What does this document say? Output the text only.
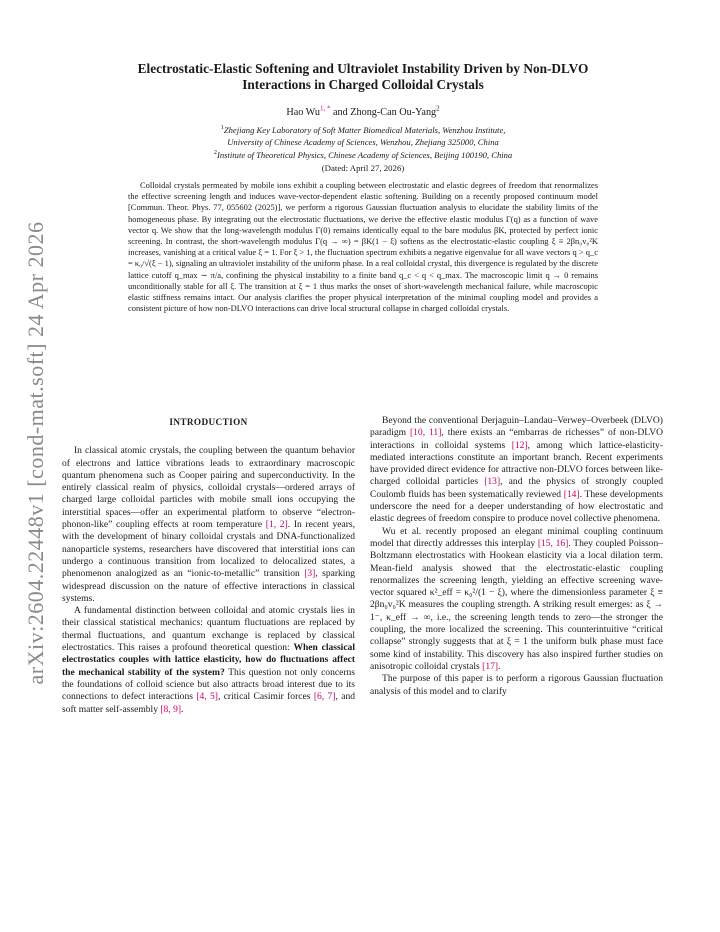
arXiv:2604.22448v1 [cond-mat.soft] 24 Apr 2026
Electrostatic-Elastic Softening and Ultraviolet Instability Driven by Non-DLVO
Interactions in Charged Colloidal Crystals
Hao $Wu^{1, *}$ and Zhong-Can Ou-Yang$^2$
$^1$Zhejiang Key Laboratory of Soft Matter Biomedical Materials, Wenzhou Institute,
University of Chinese Academy of Sciences, Wenzhou, Zhejiang 325000, China
$^2$Institute of Theoretical Physics, Chinese Academy of Sciences, Beijing 100190, China
(Dated: April 27, 2026)
Colloidal crystals permeated by mobile ions exhibit a coupling between electrostatic and elastic degrees of freedom that renormalizes the effective screening length and induces wave-vector-dependent elastic softening. Building on a recently proposed continuum model [Commun. Theor. Phys. 77, 055602 (2025)], we perform a rigorous Gaussian fluctuation analysis to elucidate the stability limits of the homogeneous phase. By integrating out the electrostatic fluctuations, we derive the effective elastic modulus Γ(q) as a function of wave vector q. We show that the long-wavelength modulus Γ(0) remains identically equal to the bare modulus βK, protected by perfect ionic screening. In contrast, the short-wavelength modulus Γ(q → ∞) = βK(1 − ξ) softens as the electrostatic-elastic coupling ξ ≡ 2βn₀v₀²K increases, vanishing at a critical value ξ = 1. For ξ > 1, the fluctuation spectrum exhibits a negative eigenvalue for all wave vectors q > q_c = κ₀/√(ξ − 1), signaling an ultraviolet instability of the uniform phase. In a real colloidal crystal, this divergence is regulated by the discrete lattice cutoff q_max ∼ π/a, confining the physical instability to a finite band q_c < q < q_max. The macroscopic limit q → 0 remains unconditionally stable for all ξ. The transition at ξ = 1 thus marks the onset of short-wavelength mechanical failure, while macroscopic elastic stiffness remains intact. Our analysis clarifies the proper physical interpretation of the minimal coupling model and provides a consistent picture of how non-DLVO interactions can drive local structural collapse in charged colloidal crystals.
INTRODUCTION

In classical atomic crystals, the coupling between the quantum behavior of electrons and lattice vibrations leads to extraordinary macroscopic quantum phenomena such as Cooper pairing and superconductivity. In the entirely classical realm of physics, colloidal crystals—ordered arrays of charged large colloidal particles with mobile small ions occupying the interstitial spaces—offer an experimental platform to observe “electron-phonon-like” coupling effects at room temperature [1, 2]. In recent years, with the development of binary colloidal crystals and DNA-functionalized nanoparticle systems, researchers have discovered that interstitial ions can undergo a continuous transition from localized to delocalized states, a phenomenon analogized as an “ionic-to-metallic” transition [3], sparking widespread discussion on the nature of effective interactions in classical systems.

A fundamental distinction between colloidal and atomic crystals lies in their classical statistical mechanics: quantum fluctuations are replaced by thermal fluctuations, and quantum exchange is replaced by classical electrostatics. This raises a profound theoretical question: When classical electrostatics couples with lattice elasticity, how do fluctuations affect the mechanical stability of the system? This question not only concerns the foundations of colloid science but also attracts broad interest due to its connections to defect interactions [4, 5], critical Casimir forces [6, 7], and soft matter self-assembly [8, 9].

Beyond the conventional Derjaguin–Landau–Verwey–Overbeek (DLVO) paradigm [10, 11], there exists an “embarras de richesses” of non-DLVO interactions in colloidal systems [12], among which lattice-elasticity-mediated interactions constitute an important branch. Recent experiments have provided direct evidence for attractive non-DLVO forces between like-charged colloidal particles [13], and the physics of strongly coupled Coulomb fluids has been systematically reviewed [14]. These developments underscore the need for a deeper understanding of how electrostatic and elastic degrees of freedom conspire to produce novel collective phenomena.

Wu et al. recently proposed an elegant minimal coupling continuum model that directly addresses this interplay [15, 16]. They coupled Poisson–Boltzmann electrostatics with Hookean elasticity via a local dilation term. Mean-field analysis showed that the electrostatic-elastic coupling renormalizes the screening length, yielding an effective screening wave-vector squared κ²_eff = κ₀²/(1 − ξ), where the dimensionless parameter ξ ≡ 2βn₀v₀²K measures the coupling strength. A striking result emerges: as ξ → 1⁻, κ_eff → ∞, i.e., the screening length tends to zero—the stronger the coupling, the more localized the screening. This counterintuitive “critical collapse” strongly suggests that at ξ = 1 the uniform bulk phase must face some kind of instability. This discovery has also inspired further studies on anisotropic colloidal crystals [17].

The purpose of this paper is to perform a rigorous Gaussian fluctuation analysis of this model and to clarify
